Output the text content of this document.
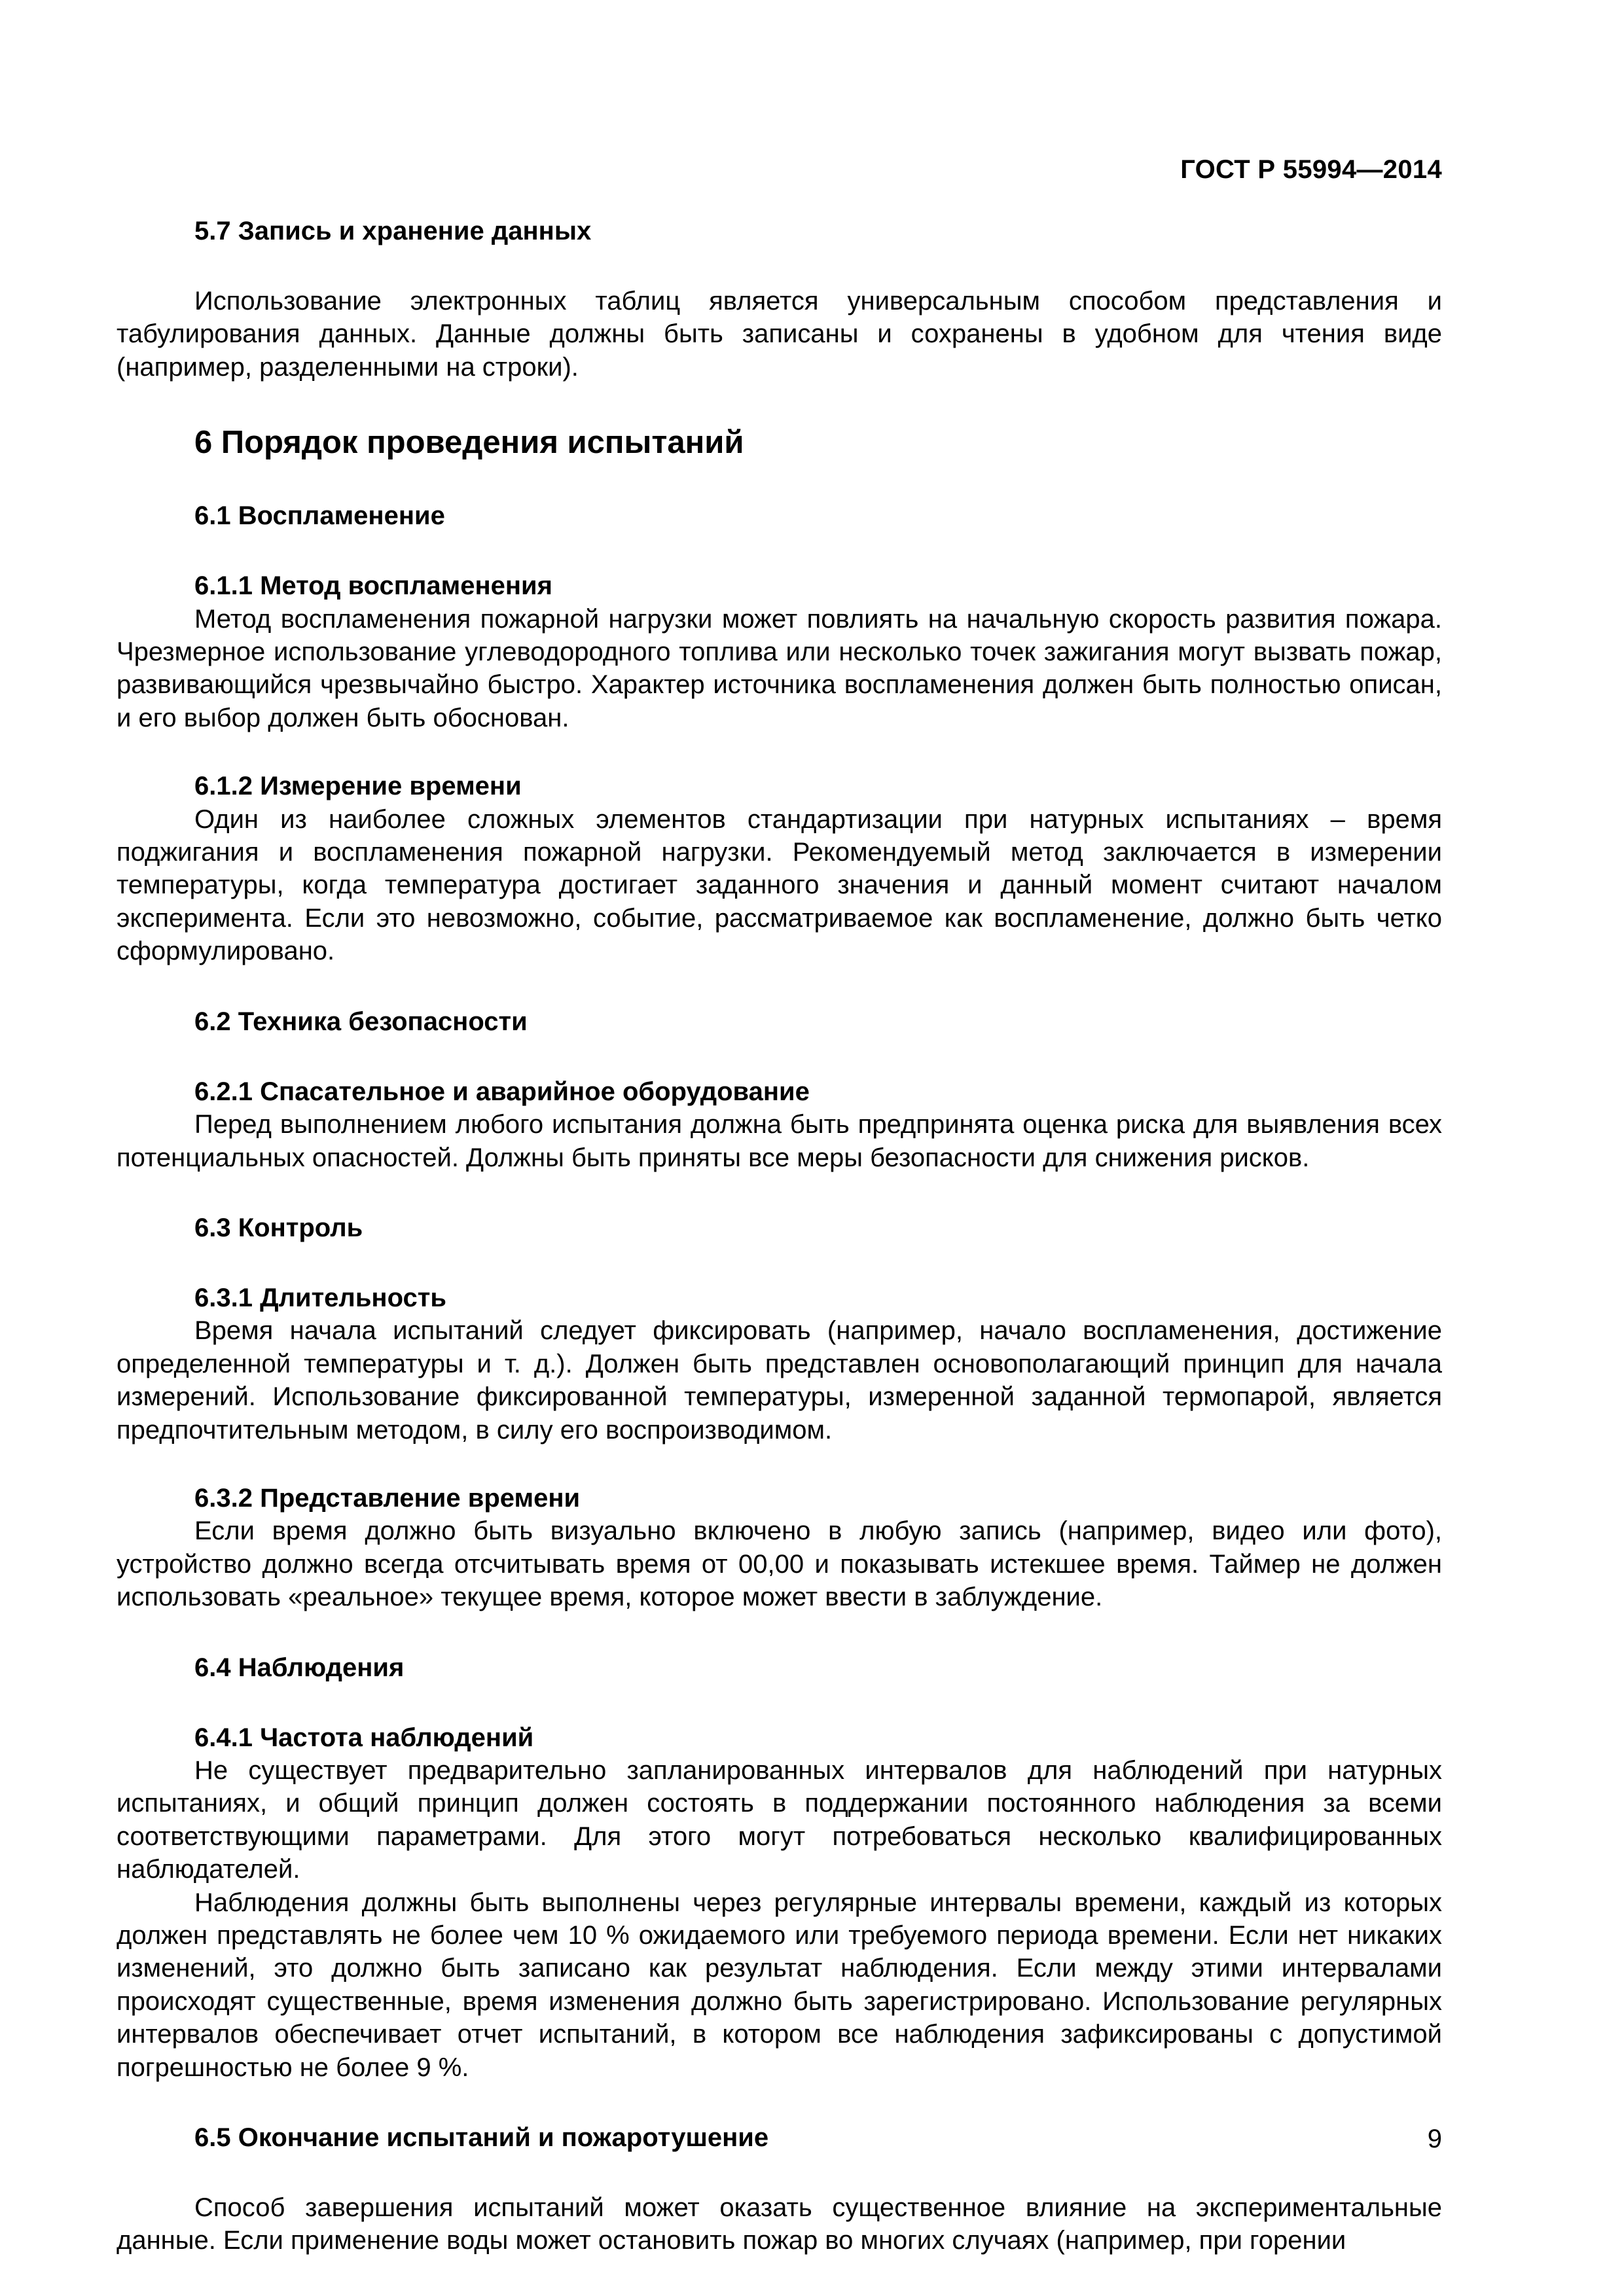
ГОСТ Р 55994—2014
5.7 Запись и хранение данных

Использование электронных таблиц является универсальным способом представления и табулирования данных. Данные должны быть записаны и сохранены в удобном для чтения виде (например, разделенными на строки).

6 Порядок проведения испытаний
6.1 Воспламенение
6.1.1 Метод воспламенения

Метод воспламенения пожарной нагрузки может повлиять на начальную скорость развития пожара. Чрезмерное использование углеводородного топлива или несколько точек зажигания могут вызвать пожар, развивающийся чрезвычайно быстро. Характер источника воспламенения должен быть полностью описан, и его выбор должен быть обоснован.

6.1.2 Измерение времени

Один из наиболее сложных элементов стандартизации при натурных испытаниях – время поджигания и воспламенения пожарной нагрузки. Рекомендуемый метод заключается в измерении температуры, когда температура достигает заданного значения и данный момент считают началом эксперимента. Если это невозможно, событие, рассматриваемое как воспламенение, должно быть четко сформулировано.

6.2 Техника безопасности
6.2.1 Спасательное и аварийное оборудование

Перед выполнением любого испытания должна быть предпринята оценка риска для выявления всех потенциальных опасностей. Должны быть приняты все меры безопасности для снижения рисков.

6.3 Контроль
6.3.1 Длительность

Время начала испытаний следует фиксировать (например, начало воспламенения, достижение определенной температуры и т. д.). Должен быть представлен основополагающий принцип для начала измерений. Использование фиксированной температуры, измеренной заданной термопарой, является предпочтительным методом, в силу его воспроизводимом.

6.3.2 Представление времени

Если время должно быть визуально включено в любую запись (например, видео или фото), устройство должно всегда отсчитывать время от 00,00 и показывать истекшее время. Таймер не должен использовать «реальное» текущее время, которое может ввести в заблуждение.

6.4 Наблюдения
6.4.1 Частота наблюдений

Не существует предварительно запланированных интервалов для наблюдений при натурных испытаниях, и общий принцип должен состоять в поддержании постоянного наблюдения за всеми соответствующими параметрами. Для этого могут потребоваться несколько квалифицированных наблюдателей.

Наблюдения должны быть выполнены через регулярные интервалы времени, каждый из которых должен представлять не более чем 10 % ожидаемого или требуемого периода времени. Если нет никаких изменений, это должно быть записано как результат наблюдения. Если между этими интервалами происходят существенные, время изменения должно быть зарегистрировано. Использование регулярных интервалов обеспечивает отчет испытаний, в котором все наблюдения зафиксированы с допустимой погрешностью не более 9 %.

6.5 Окончание испытаний и пожаротушение

Способ завершения испытаний может оказать существенное влияние на экспериментальные данные. Если применение воды может остановить пожар во многих случаях (например, при горении

9
